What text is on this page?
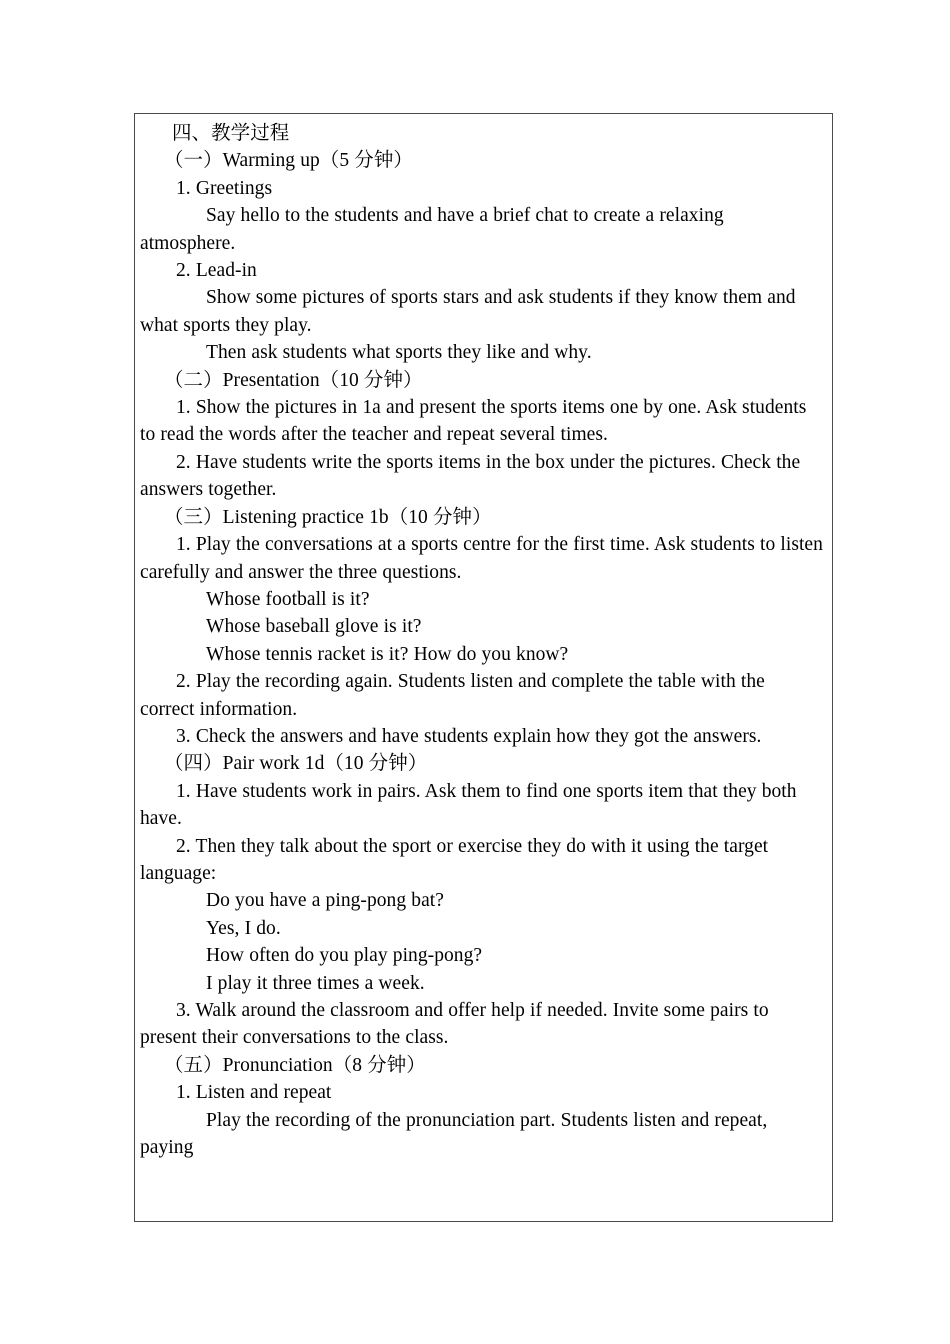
四、教学过程

（一）Warming up（5 分钟）

1. Greetings

Say hello to the students and have a brief chat to create a relaxing atmosphere.

2. Lead-in

Show some pictures of sports stars and ask students if they know them and what sports they play.

Then ask students what sports they like and why.

（二）Presentation（10 分钟）

1. Show the pictures in 1a and present the sports items one by one. Ask students to read the words after the teacher and repeat several times.

2. Have students write the sports items in the box under the pictures. Check the answers together.

（三）Listening practice 1b（10 分钟）

1. Play the conversations at a sports centre for the first time. Ask students to listen carefully and answer the three questions.

Whose football is it?

Whose baseball glove is it?

Whose tennis racket is it? How do you know?

2. Play the recording again. Students listen and complete the table with the correct information.

3. Check the answers and have students explain how they got the answers.

（四）Pair work 1d（10 分钟）

1. Have students work in pairs. Ask them to find one sports item that they both have.

2. Then they talk about the sport or exercise they do with it using the target language:

Do you have a ping-pong bat?

Yes, I do.

How often do you play ping-pong?

I play it three times a week.

3. Walk around the classroom and offer help if needed. Invite some pairs to present their conversations to the class.

（五）Pronunciation（8 分钟）

1. Listen and repeat

Play the recording of the pronunciation part. Students listen and repeat, paying
